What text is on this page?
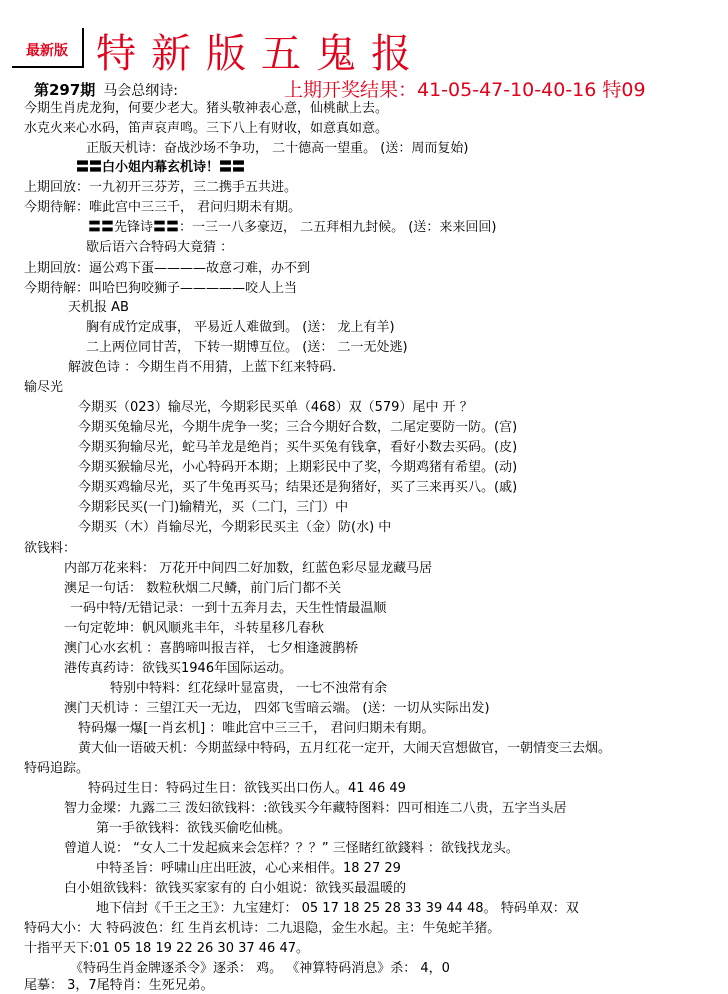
最新版 特新版五鬼报
第297期 马会总纲诗:	上期开奖结果：41-05-47-10-40-16 特09
今期生肖虎龙狗，何要少老大。猪头敬神表心意，仙桃献上去。
水克火来心水码，笛声哀声鸣。三下八上有财收，如意真如意。
正版天机诗：奋战沙场不争功， 二十德高一望重。 (送：周而复始)
〓〓白小姐内幕玄机诗！〓〓
上期回放：一九初开三芬芳，三二携手五共进。
今期待解：唯此宫中三三千， 君问归期未有期。
〓〓先锋诗〓〓：一三一八多豪迈， 二五拜相九封候。 (送：来来回回)
歇后语六合特码大竟猜 ：
上期回放：逼公鸡下蛋————故意刁难，办不到
今期待解：叫哈巴狗咬狮子—————咬人上当
天机报 AB
胸有成竹定成事， 平易近人难做到。 (送： 龙上有羊)
二上两位同甘苦， 下转一期博互位。 (送： 二一无处逃)
解波色诗 ：今期生肖不用猜，上蓝下红来特码.
输尽光
今期买（023）输尽光，今期彩民买单（468）双（579）尾中 开 ？
今期买兔输尽光，今期牛虎争一奖；三合今期好合数，二尾定要防一防。(宫)
今期买狗输尽光，蛇马羊龙是绝肖；买牛买兔有钱拿，看好小数去买码。(皮)
今期买猴输尽光，小心特码开本期；上期彩民中了奖，今期鸡猪有希望。(动)
今期买鸡输尽光，买了牛兔再买马；结果还是狗猪好，买了三来再买八。(戚)
今期彩民买(一门)输精光，买（二门，三门）中
今期买（木）肖输尽光，今期彩民买主（金）防(水) 中
欲钱料：
内部万花来料： 万花开中间四二好加数，红蓝色彩尽显龙藏马居
澳足一句话： 数粒秋烟二尺鳞，前门后门都不关
一码中特/无错记录：一到十五奔月去，天生性情最温顺
一句定乾坤：帆风顺兆丰年，斗转星移几春秋
澳门心水玄机 ：喜鹊啼叫报吉祥， 七夕相逢渡鹊桥
港传真药诗：欲钱买1946年国际运动。
特别中特料：红花绿叶显富贵， 一七不浊常有余
澳门天机诗 ：三望江天一无边， 四郊飞雪暗云端。 (送：一切从实际出发)
特码爆一爆[一肖玄机] ：唯此宫中三三千， 君问归期未有期。
黄大仙一语破天机：今期蓝绿中特码，五月红花一定开，大闹天宫想做官，一朝情变三去烟。
特码追踪。
特码过生日：特码过生日：欲钱买出口伤人。41 46 49
智力金墚：九露二三 泼妇欲钱料：:欲钱买今年藏特图料：四可相连二八贵，五字当头居
第一手欲钱料：欲钱买偷吃仙桃。
曾道人说： “女人二十发起疯来会怎样？？？” 三怪睹红欲錢料 ：欲钱找龙头。
中特圣旨：呼啸山庄出旺波，心心来相伴。18 27 29
白小姐欲钱料：欲钱买家家有的 白小姐说：欲钱买最温暖的
地下信封《千王之王》：九宝建灯： 05 17 18 25 28 33 39 44 48。 特码单双：双
特码大小：大 特码波色：红 生肖玄机诗：二九退隐，金生水起。主：牛兔蛇羊猪。
十指平天下:01 05 18 19 22 26 30 37 46 47。
《特码生肖金牌逐杀令》逐杀： 鸡。 《神算特码消息》杀： 4，0
尾摹： 3，7尾特肖：生死兄弟。
